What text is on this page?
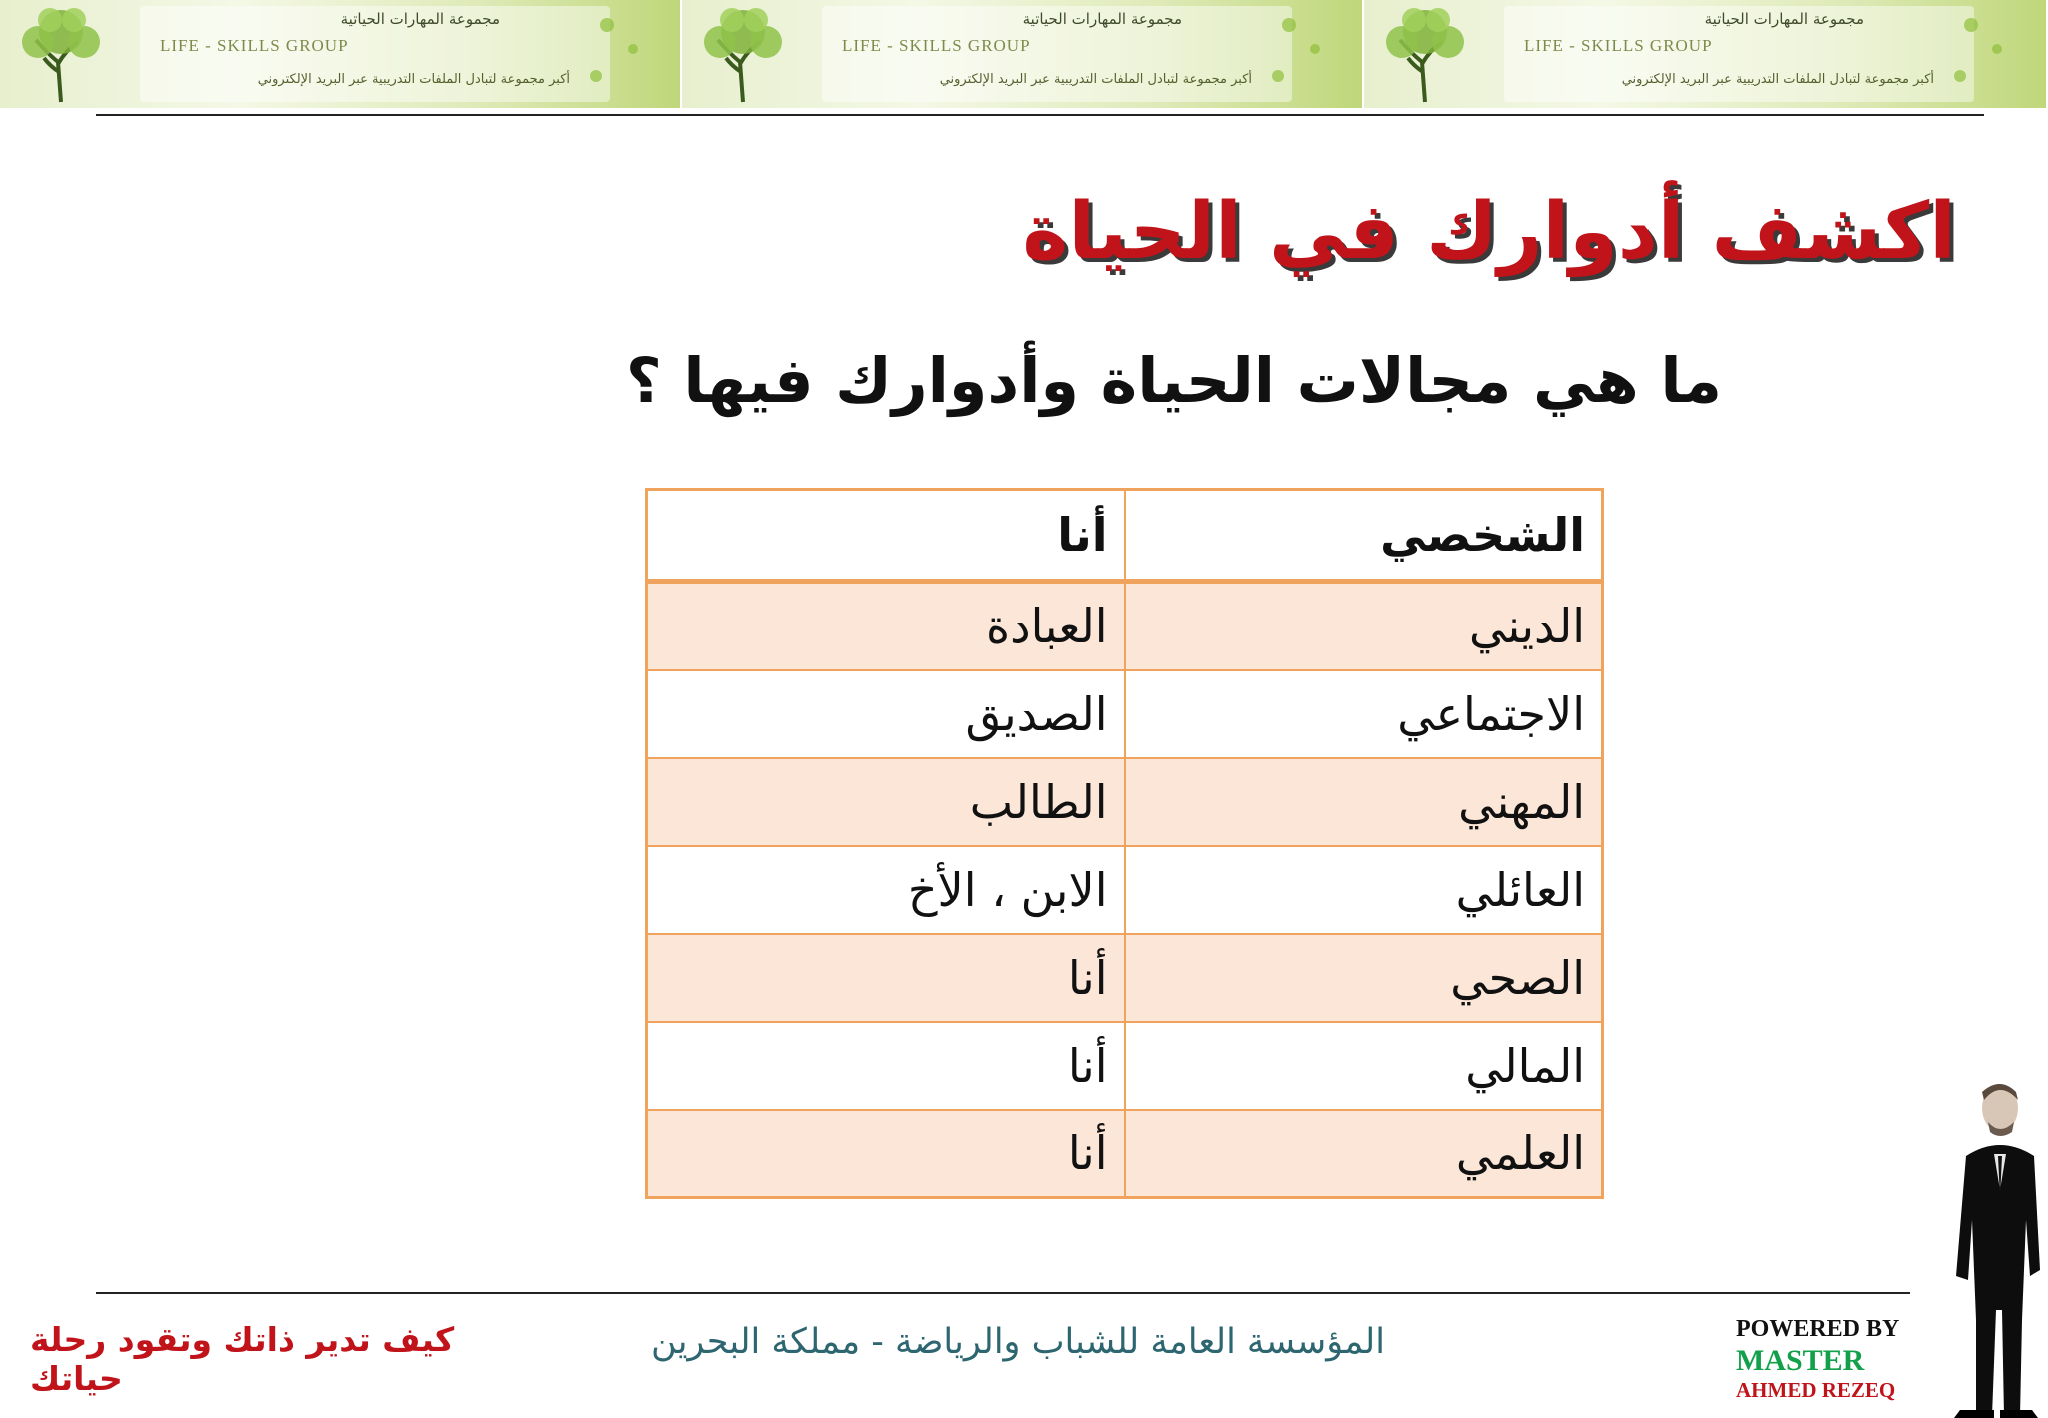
مجموعة المهارات الحياتية
LIFE - SKILLS GROUP
أكبر مجموعة لتبادل الملفات التدريبية عبر البريد الإلكتروني
مجموعة المهارات الحياتية
LIFE - SKILLS GROUP
أكبر مجموعة لتبادل الملفات التدريبية عبر البريد الإلكتروني
مجموعة المهارات الحياتية
LIFE - SKILLS GROUP
أكبر مجموعة لتبادل الملفات التدريبية عبر البريد الإلكتروني
اكشف أدوارك في الحياة
ما هي مجالات الحياة وأدوارك فيها ؟
الشخصي	أنا
الديني	العبادة
الاجتماعي	الصديق
المهني	الطالب
العائلي	الابن ، الأخ
الصحي	أنا
المالي	أنا
العلمي	أنا
كيف تدير ذاتك وتقود رحلة حياتك
المؤسسة العامة للشباب والرياضة - مملكة البحرين	POWERED BY
MASTER
AHMED REZEQ
